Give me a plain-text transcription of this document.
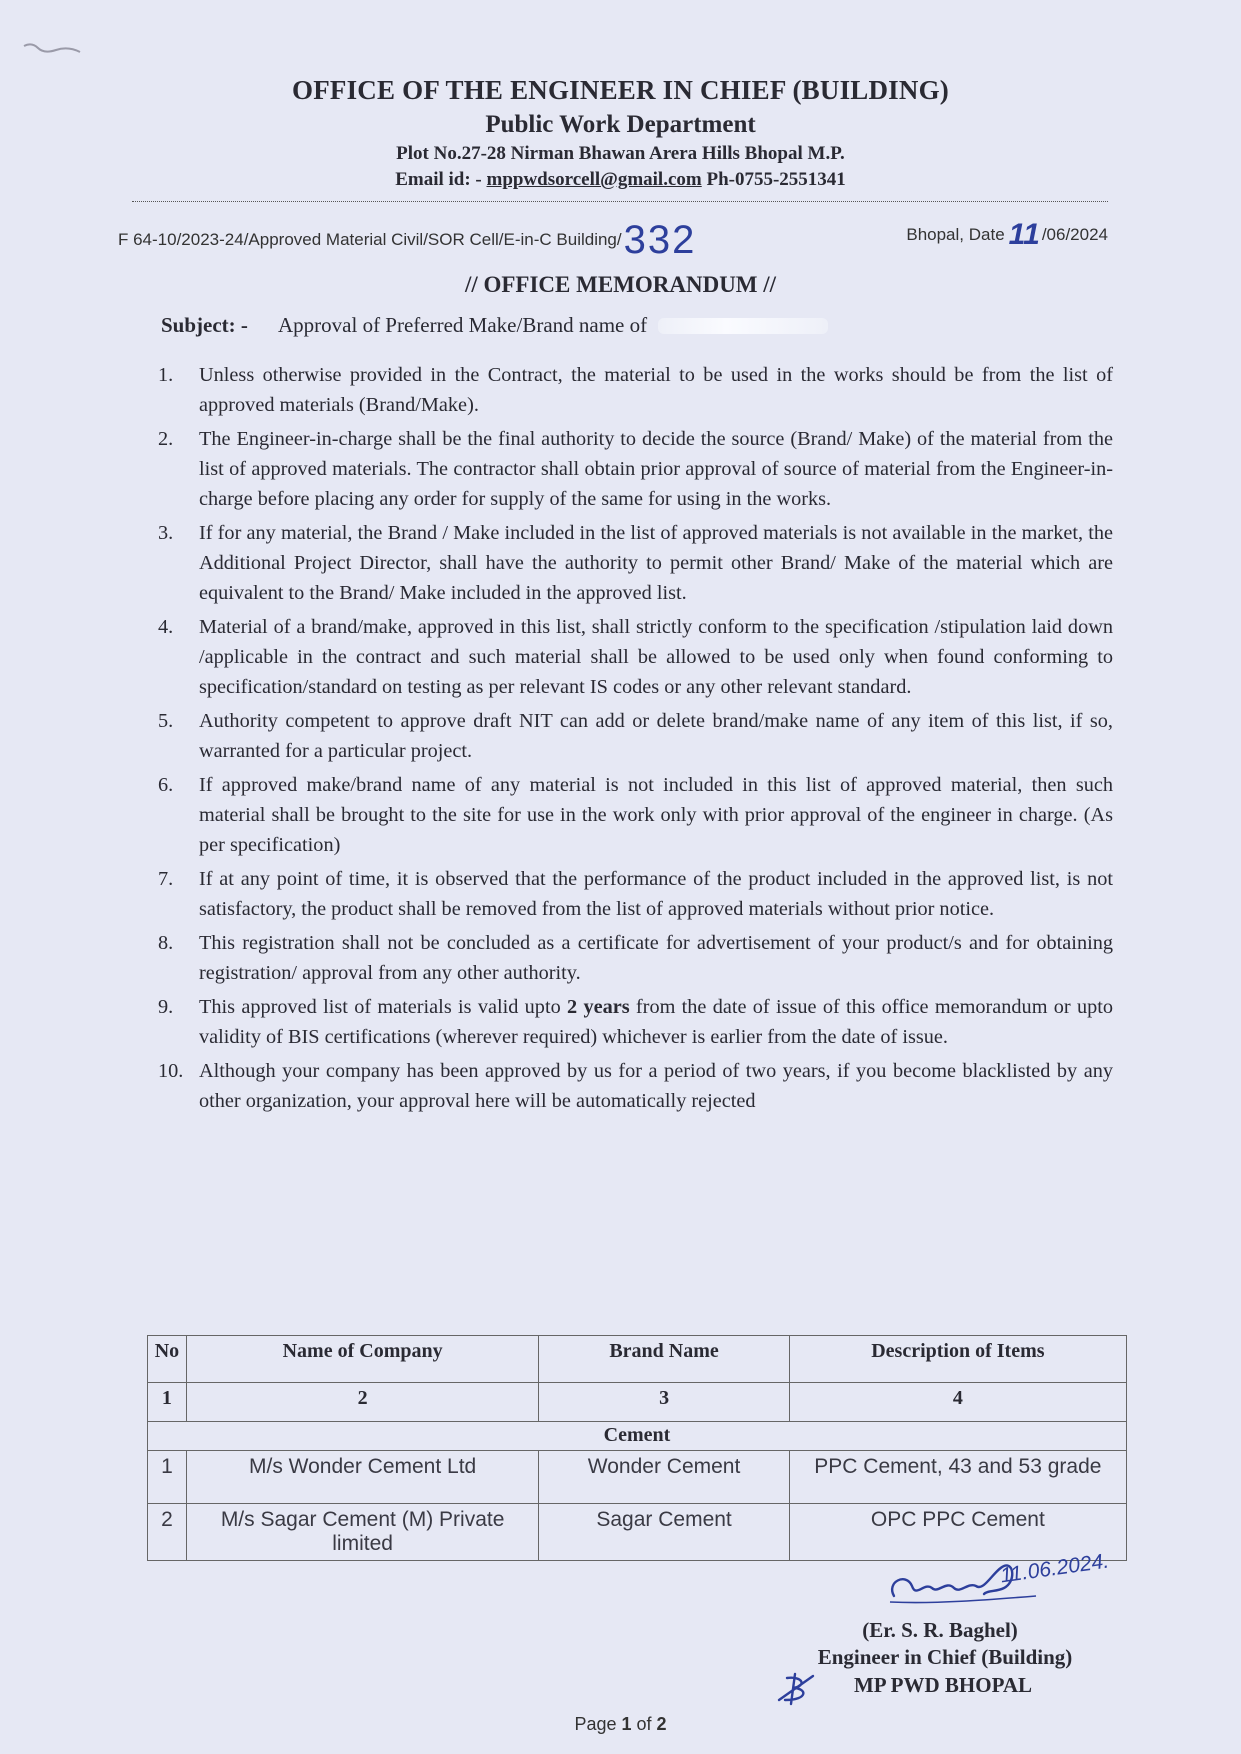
OFFICE OF THE ENGINEER IN CHIEF (BUILDING)
Public Work Department
Plot No.27-28 Nirman Bhawan Arera Hills Bhopal M.P.
Email id: - mppwdsorcell@gmail.com Ph-0755-2551341
F 64-10/2023-24/Approved Material Civil/SOR Cell/E-in-C Building/332	Bhopal, Date 11 /06/2024
// OFFICE MEMORANDUM //
Subject: - Approval of Preferred Make/Brand name of
1. Unless otherwise provided in the Contract, the material to be used in the works should be from the list of approved materials (Brand/Make).
2. The Engineer-in-charge shall be the final authority to decide the source (Brand/ Make) of the material from the list of approved materials. The contractor shall obtain prior approval of source of material from the Engineer-in-charge before placing any order for supply of the same for using in the works.
3. If for any material, the Brand / Make included in the list of approved materials is not available in the market, the Additional Project Director, shall have the authority to permit other Brand/ Make of the material which are equivalent to the Brand/ Make included in the approved list.
4. Material of a brand/make, approved in this list, shall strictly conform to the specification /stipulation laid down /applicable in the contract and such material shall be allowed to be used only when found conforming to specification/standard on testing as per relevant IS codes or any other relevant standard.
5. Authority competent to approve draft NIT can add or delete brand/make name of any item of this list, if so, warranted for a particular project.
6. If approved make/brand name of any material is not included in this list of approved material, then such material shall be brought to the site for use in the work only with prior approval of the engineer in charge. (As per specification)
7. If at any point of time, it is observed that the performance of the product included in the approved list, is not satisfactory, the product shall be removed from the list of approved materials without prior notice.
8. This registration shall not be concluded as a certificate for advertisement of your product/s and for obtaining registration/ approval from any other authority.
9. This approved list of materials is valid upto 2 years from the date of issue of this office memorandum or upto validity of BIS certifications (wherever required) whichever is earlier from the date of issue.
10. Although your company has been approved by us for a period of two years, if you become blacklisted by any other organization, your approval here will be automatically rejected
No	Name of Company	Brand Name	Description of Items
1	2	3	4
Cement			
1	M/s Wonder Cement Ltd	Wonder Cement	PPC Cement, 43 and 53 grade
2	M/s Sagar Cement (M) Private limited	Sagar Cement	OPC PPC Cement
11.06.2024.
(Er. S. R. Baghel)
Engineer in Chief (Building)
MP PWD BHOPAL
Page 1 of 2
